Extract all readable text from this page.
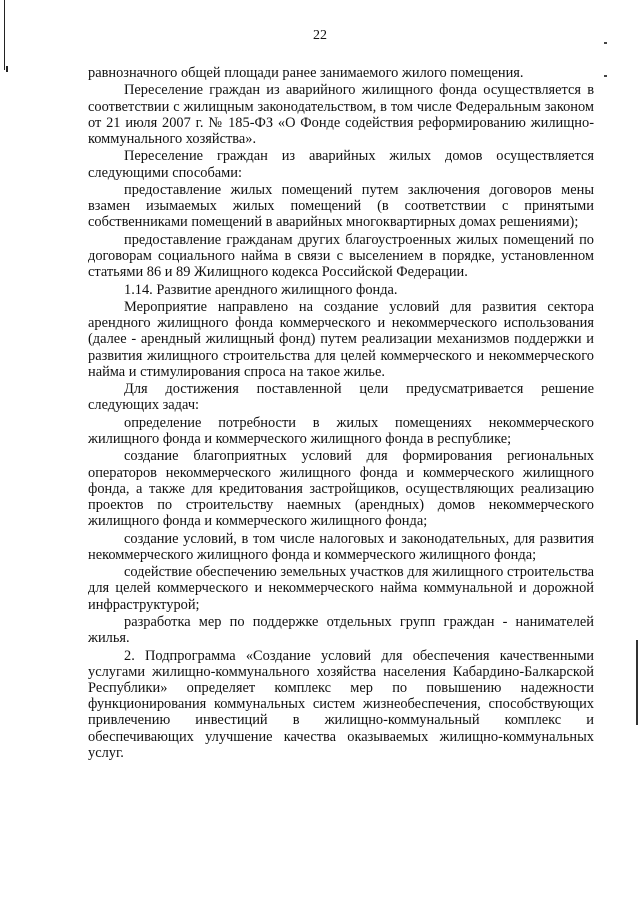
22

равнозначного общей площади ранее занимаемого жилого помещения.

Переселение граждан из аварийного жилищного фонда осуществляется в соответствии с жилищным законодательством, в том числе Федеральным законом от 21 июля 2007 г. № 185-ФЗ «О Фонде содействия реформированию жилищно-коммунального хозяйства».

Переселение граждан из аварийных жилых домов осуществляется следующими способами:

предоставление жилых помещений путем заключения договоров мены взамен изымаемых жилых помещений (в соответствии с принятыми собственниками помещений в аварийных многоквартирных домах решениями);

предоставление гражданам других благоустроенных жилых помещений по договорам социального найма в связи с выселением в порядке, установленном статьями 86 и 89 Жилищного кодекса Российской Федерации.

1.14. Развитие арендного жилищного фонда.

Мероприятие направлено на создание условий для развития сектора арендного жилищного фонда коммерческого и некоммерческого использования (далее - арендный жилищный фонд) путем реализации механизмов поддержки и развития жилищного строительства для целей коммерческого и некоммерческого найма и стимулирования спроса на такое жилье.

Для достижения поставленной цели предусматривается решение следующих задач:

определение потребности в жилых помещениях некоммерческого жилищного фонда и коммерческого жилищного фонда в республике;

создание благоприятных условий для формирования региональных операторов некоммерческого жилищного фонда и коммерческого жилищного фонда, а также для кредитования застройщиков, осуществляющих реализацию проектов по строительству наемных (арендных) домов некоммерческого жилищного фонда и коммерческого жилищного фонда;

создание условий, в том числе налоговых и законодательных, для развития некоммерческого жилищного фонда и коммерческого жилищного фонда;

содействие обеспечению земельных участков для жилищного строительства для целей коммерческого и некоммерческого найма коммунальной и дорожной инфраструктурой;

разработка мер по поддержке отдельных групп граждан - нанимателей жилья.

2. Подпрограмма «Создание условий для обеспечения качественными услугами жилищно-коммунального хозяйства населения Кабардино-Балкарской Республики» определяет комплекс мер по повышению надежности функционирования коммунальных систем жизнеобеспечения, способствующих привлечению инвестиций в жилищно-коммунальный комплекс и обеспечивающих улучшение качества оказываемых жилищно-коммунальных услуг.
